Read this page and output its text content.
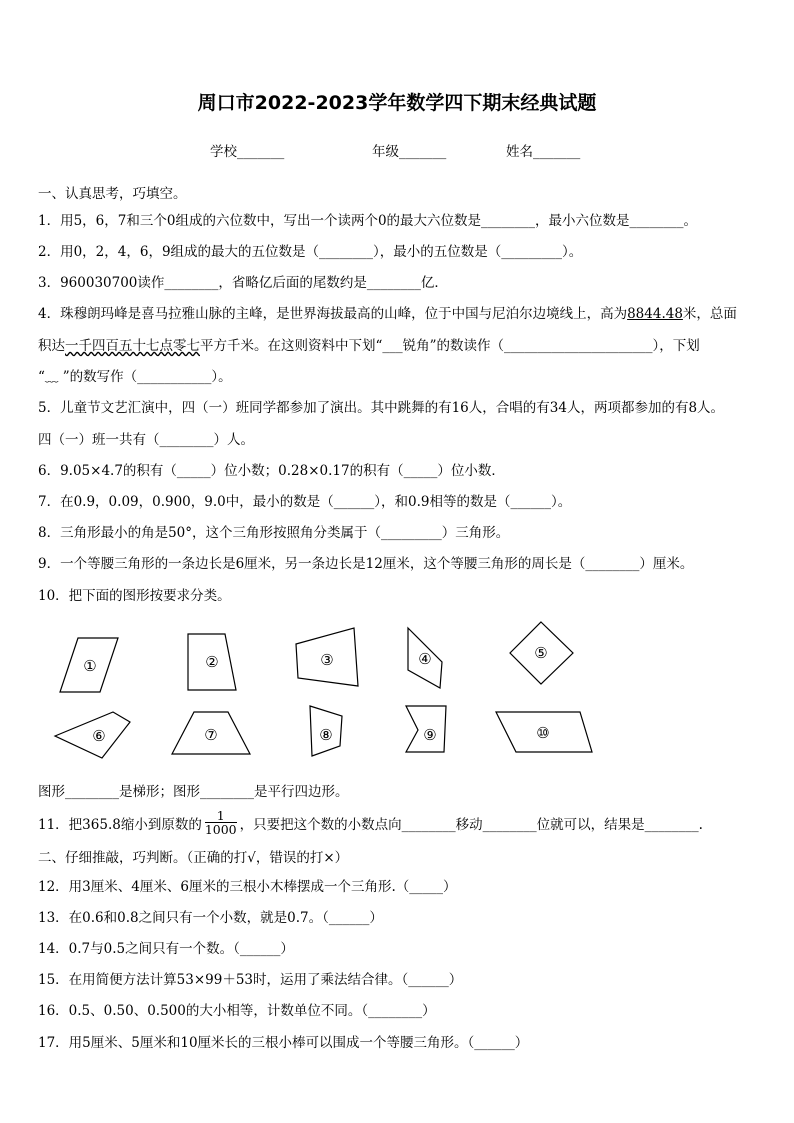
周口市2022-2023学年数学四下期末经典试题
学校_______	年级_______	姓名_______
一、认真思考，巧填空。
1．用5，6，7和三个0组成的六位数中，写出一个读两个0的最大六位数是________，最小六位数是________。
2．用0，2，4，6，9组成的最大的五位数是（________），最小的五位数是（_________）。
3．960030700读作________，省略亿后面的尾数约是________亿．
4．珠穆朗玛峰是喜马拉雅山脉的主峰，是世界海拔最高的山峰，位于中国与尼泊尔边境线上，高为8844.48米，总面
积达一千四百五十七点零七平方千米。在这则资料中下划“___锐角”的数读作（______________________），下划
“﹏ ”的数写作（___________）。
5．儿童节文艺汇演中，四（一）班同学都参加了演出。其中跳舞的有16人，合唱的有34人，两项都参加的有8人。
四（一）班一共有（________）人。
6．9.05×4.7的积有（_____）位小数；0.28×0.17的积有（_____）位小数．
7．在0.9，0.09，0.900，9.0中，最小的数是（______），和0.9相等的数是（______）。
8．三角形最小的角是50°，这个三角形按照角分类属于（_________）三角形。
9．一个等腰三角形的一条边长是6厘米，另一条边长是12厘米，这个等腰三角形的周长是（________）厘米。
10．把下面的图形按要求分类。
①	②	③	④	⑤
⑥	⑦	⑧	⑨	⑩
图形________是梯形；图形________是平行四边形。
11．把365.8缩小到原数的 $\frac{1}{1000}$ ，只要把这个数的小数点向________移动________位就可以，结果是________.
二、仔细推敲，巧判断。（正确的打√，错误的打×）
12．用3厘米、4厘米、6厘米的三根小木棒摆成一个三角形.（_____）
13．在0.6和0.8之间只有一个小数，就是0.7。（______）
14．0.7与0.5之间只有一个数。（______）
15．在用简便方法计算53×99＋53时，运用了乘法结合律。（______）
16．0.5、0.50、0.500的大小相等，计数单位不同。（________）
17．用5厘米、5厘米和10厘米长的三根小棒可以围成一个等腰三角形。（______）
